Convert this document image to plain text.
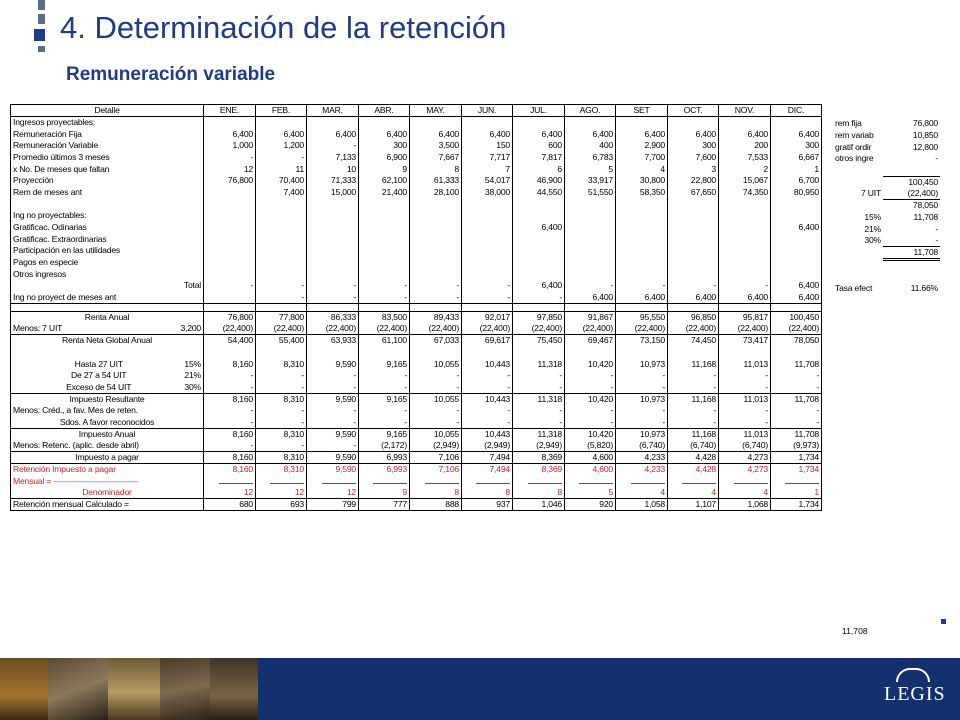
4. Determinación de la retención
Remuneración variable
Detalle	ENE.	FEB.	MAR.	ABR.	MAY.	JUN.	JUL.	AGO.	SET	OCT.	NOV.	DIC.
Ingresos proyectables:												
Remuneración Fija	6,400	6,400	6,400	6,400	6,400	6,400	6,400	6,400	6,400	6,400	6,400	6,400
Remuneración Variable	1,000	1,200	-	300	3,500	150	600	400	2,900	300	200	300
Promedio últimos 3 meses	-	-	7,133	6,900	7,667	7,717	7,817	6,783	7,700	7,600	7,533	6,667
x No. De meses que faltan	12	11	10	9	8	7	6	5	4	3	2	1
Proyección	76,800	70,400	71,333	62,100	61,333	54,017	46,900	33,917	30,800	22,800	15,067	6,700
Rem de meses ant		7,400	15,000	21,400	28,100	38,000	44,550	51,550	58,350	67,650	74,350	80,950

Ing no proyectables:												
Gratificac. Odinarias							6,400					6,400
Gratificac. Extraordinarias												
Participación en las utilidades												
Pagos en especie												
Otros ingresos												
Total	-	-	-	-	-	-	6,400	-	-	-	-	6,400
Ing no proyect de meses ant		-	-	-	-	-	-	6,400	6,400	6,400	6,400	6,400

Renta Anual	76,800	77,800	86,333	83,500	89,433	92,017	97,850	91,867	95,550	96,850	95,817	100,450
Menos: 7 UIT 3,200	(22,400)	(22,400)	(22,400)	(22,400)	(22,400)	(22,400)	(22,400)	(22,400)	(22,400)	(22,400)	(22,400)	(22,400)
Renta Neta Global Anual	54,400	55,400	63,933	61,100	67,033	69,617	75,450	69,467	73,150	74,450	73,417	78,050

Hasta 27 UIT 15%	8,160	8,310	9,590	9,165	10,055	10,443	11,318	10,420	10,973	11,168	11,013	11,708
De 27 a 54 UIT 21%	-	-	-	-	-	-	-	-	-	-	-	-
Exceso de 54 UIT 30%	-	-	-	-	-	-	-	-	-	-	-	-
Impuesto Resultante	8,160	8,310	9,590	9,165	10,055	10,443	11,318	10,420	10,973	11,168	11,013	11,708
Menos: Créd., a fav. Mes de reten.	-	-	-	-	-	-	-	-	-	-	-	-
Sdos. A favor reconocidos	-	-	-	-	-	-	-	-	-	-	-	-
Impuesto Anual	8,160	8,310	9,590	9,165	10,055	10,443	11,318	10,420	10,973	11,168	11,013	11,708
Menos: Retenc. (aplic. desde abril)	-	-	-	(2,172)	(2,949)	(2,949)	(2,949)	(5,820)	(6,740)	(6,740)	(6,740)	(9,973)
Impuesto a pagar	8,160	8,310	9,590	6,993	7,106	7,494	8,369	4,600	4,233	4,428	4,273	1,734
Retención Impuesto a pagar	8,160	8,310	9,590	6,993	7,106	7,494	8,369	4,600	4,233	4,428	4,273	1,734
Mensual = --------------------------------												
Denominador	12	12	12	9	8	8	8	5	4	4	4	1
Retención mensual Calculado =	680	693	799	777	888	937	1,046	920	1,058	1,107	1,068	1,734
rem fija	76,800
rem variab	10,850
gratif ordir	12,800
otros ingre	-

	100,450
7 UIT	(22,400)
	78,050
15%	11,708
21%	-
30%	-
	11,708

Tasa efect	11.66%
11,708
LEGIS
